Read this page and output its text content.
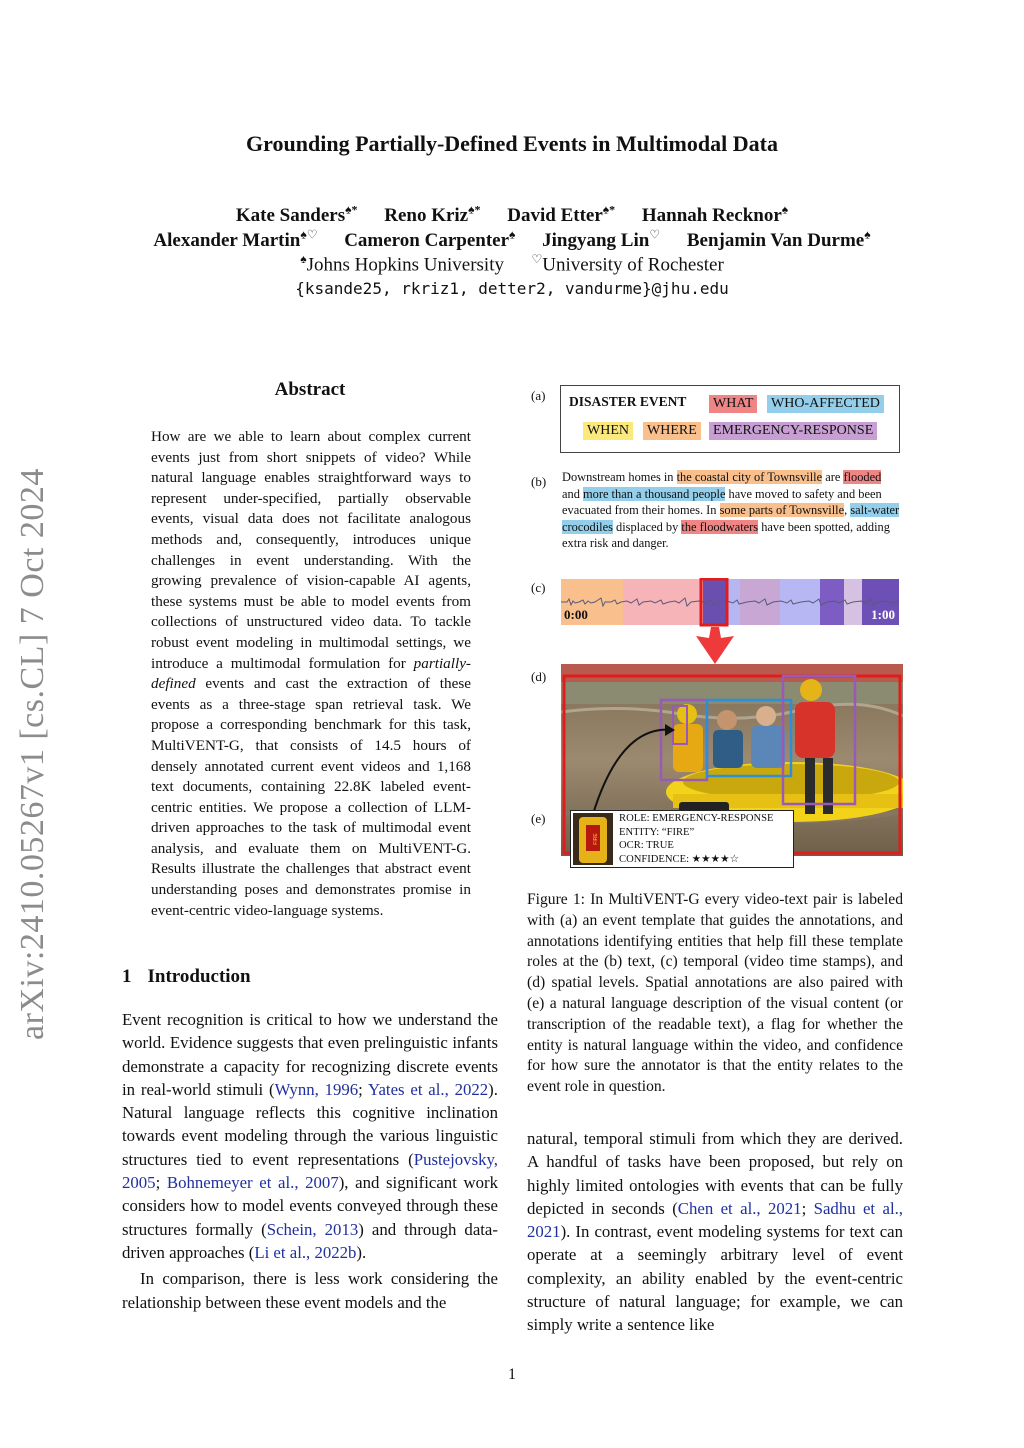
Grounding Partially-Defined Events in Multimodal Data
Kate Sanders♠* Reno Kriz♠* David Etter♠* Hannah Recknor♠
Alexander Martin♠♡ Cameron Carpenter♠ Jingyang Lin♡ Benjamin Van Durme♠
♠Johns Hopkins University ♡University of Rochester
{ksande25, rkriz1, detter2, vandurme}@jhu.edu
arXiv:2410.05267v1 [cs.CL] 7 Oct 2024
Abstract
How are we able to learn about complex current events just from short snippets of video? While natural language enables straightforward ways to represent under-specified, partially observable events, visual data does not facilitate analogous methods and, consequently, introduces unique challenges in event understanding. With the growing prevalence of vision-capable AI agents, these systems must be able to model events from collections of unstructured video data. To tackle robust event modeling in multimodal settings, we introduce a multimodal formulation for partially-defined events and cast the extraction of these events as a three-stage span retrieval task. We propose a corresponding benchmark for this task, MultiVENT-G, that consists of 14.5 hours of densely annotated current event videos and 1,168 text documents, containing 22.8K labeled event-centric entities. We propose a collection of LLM-driven approaches to the task of multimodal event analysis, and evaluate them on MultiVENT-G. Results illustrate the challenges that abstract event understanding poses and demonstrates promise in event-centric video-language systems.
1 Introduction

Event recognition is critical to how we understand the world. Evidence suggests that even prelinguistic infants demonstrate a capacity for recognizing discrete events in real-world stimuli (Wynn, 1996; Yates et al., 2022). Natural language reflects this cognitive inclination towards event modeling through the various linguistic structures tied to event representations (Pustejovsky, 2005; Bohnemeyer et al., 2007), and significant work considers how to model events conveyed through these structures formally (Schein, 2013) and through data-driven approaches (Li et al., 2022b).

In comparison, there is less work considering the relationship between these event models and the

natural, temporal stimuli from which they are derived. A handful of tasks have been proposed, but rely on highly limited ontologies with events that can be fully depicted in seconds (Chen et al., 2021; Sadhu et al., 2021). In contrast, event modeling systems for text can operate at a seemingly arbitrary level of event complexity, an ability enabled by the event-centric structure of natural language; for example, we can simply write a sentence like

(a) DISASTER EVENT WHAT WHO-AFFECTED
WHEN WHERE EMERGENCY-RESPONSE
(b) Downstream homes in the coastal city of Townsville are flooded and more than a thousand people have moved to safety and been evacuated from their homes. In some parts of Townsville, salt-water crocodiles displaced by the floodwaters have been spotted, adding extra risk and danger.
(c)
0:00	1:00
(d)
(e)
FIRE
ROLE: EMERGENCY-RESPONSE
ENTITY: “FIRE”
OCR: TRUE
CONFIDENCE: ★★★★☆
Figure 1: In MultiVENT-G every video-text pair is labeled with (a) an event template that guides the annotations, and annotations identifying entities that help fill these template roles at the (b) text, (c) temporal (video time stamps), and (d) spatial levels. Spatial annotations are also paired with (e) a natural language description of the visual content (or transcription of the readable text), a flag for whether the entity is natural language within the video, and confidence for how sure the annotator is that the entity relates to the event role in question.
1
